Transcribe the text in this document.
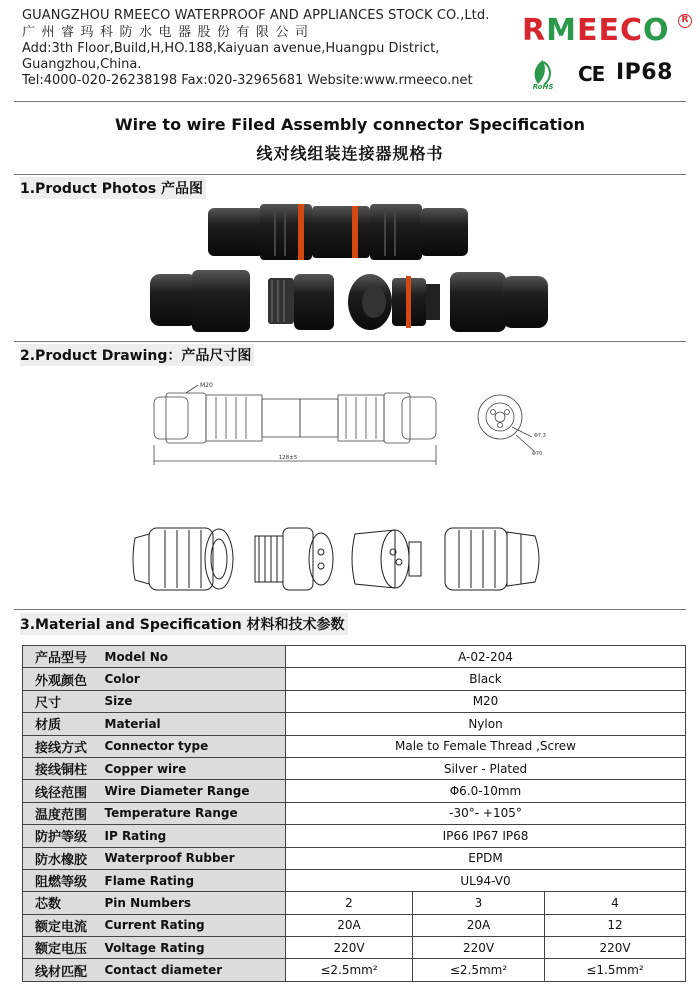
GUANGZHOU RMEECO WATERPROOF AND APPLIANCES STOCK CO.,Ltd.
广州睿玛科防水电器股份有限公司
Add:3th Floor,Build,H,HO.188,Kaiyuan avenue,Huangpu District,
Guangzhou,China.
Tel:4000-020-26238198 Fax:020-32965681 Website:www.rmeeco.net
RMEECO	R
RoHS
CE IP68
Wire to wire Filed Assembly connector Specification
线对线组装连接器规格书
1.Product Photos 产品图
2.Product Drawing：产品尺寸图
M20
128±5
Φ7.3
Φ70
3.Material and Specification 材料和技术参数
产品型号	Model No	A-02-204		
外观颜色	Color	Black		
尺寸	Size	M20		
材质	Material	Nylon		
接线方式	Connector type	Male to Female Thread ,Screw		
接线铜柱	Copper wire	Silver - Plated		
线径范围	Wire Diameter Range	Φ6.0-10mm		
温度范围	Temperature Range	-30°- +105°		
防护等级	IP Rating	IP66 IP67 IP68		
防水橡胶	Waterproof Rubber	EPDM		
阻燃等级	Flame Rating	UL94-V0		
芯数	Pin Numbers	2	3	4
额定电流	Current Rating	20A	20A	12
额定电压	Voltage Rating	220V	220V	220V
线材匹配	Contact diameter	≤2.5mm²	≤2.5mm²	≤1.5mm²
